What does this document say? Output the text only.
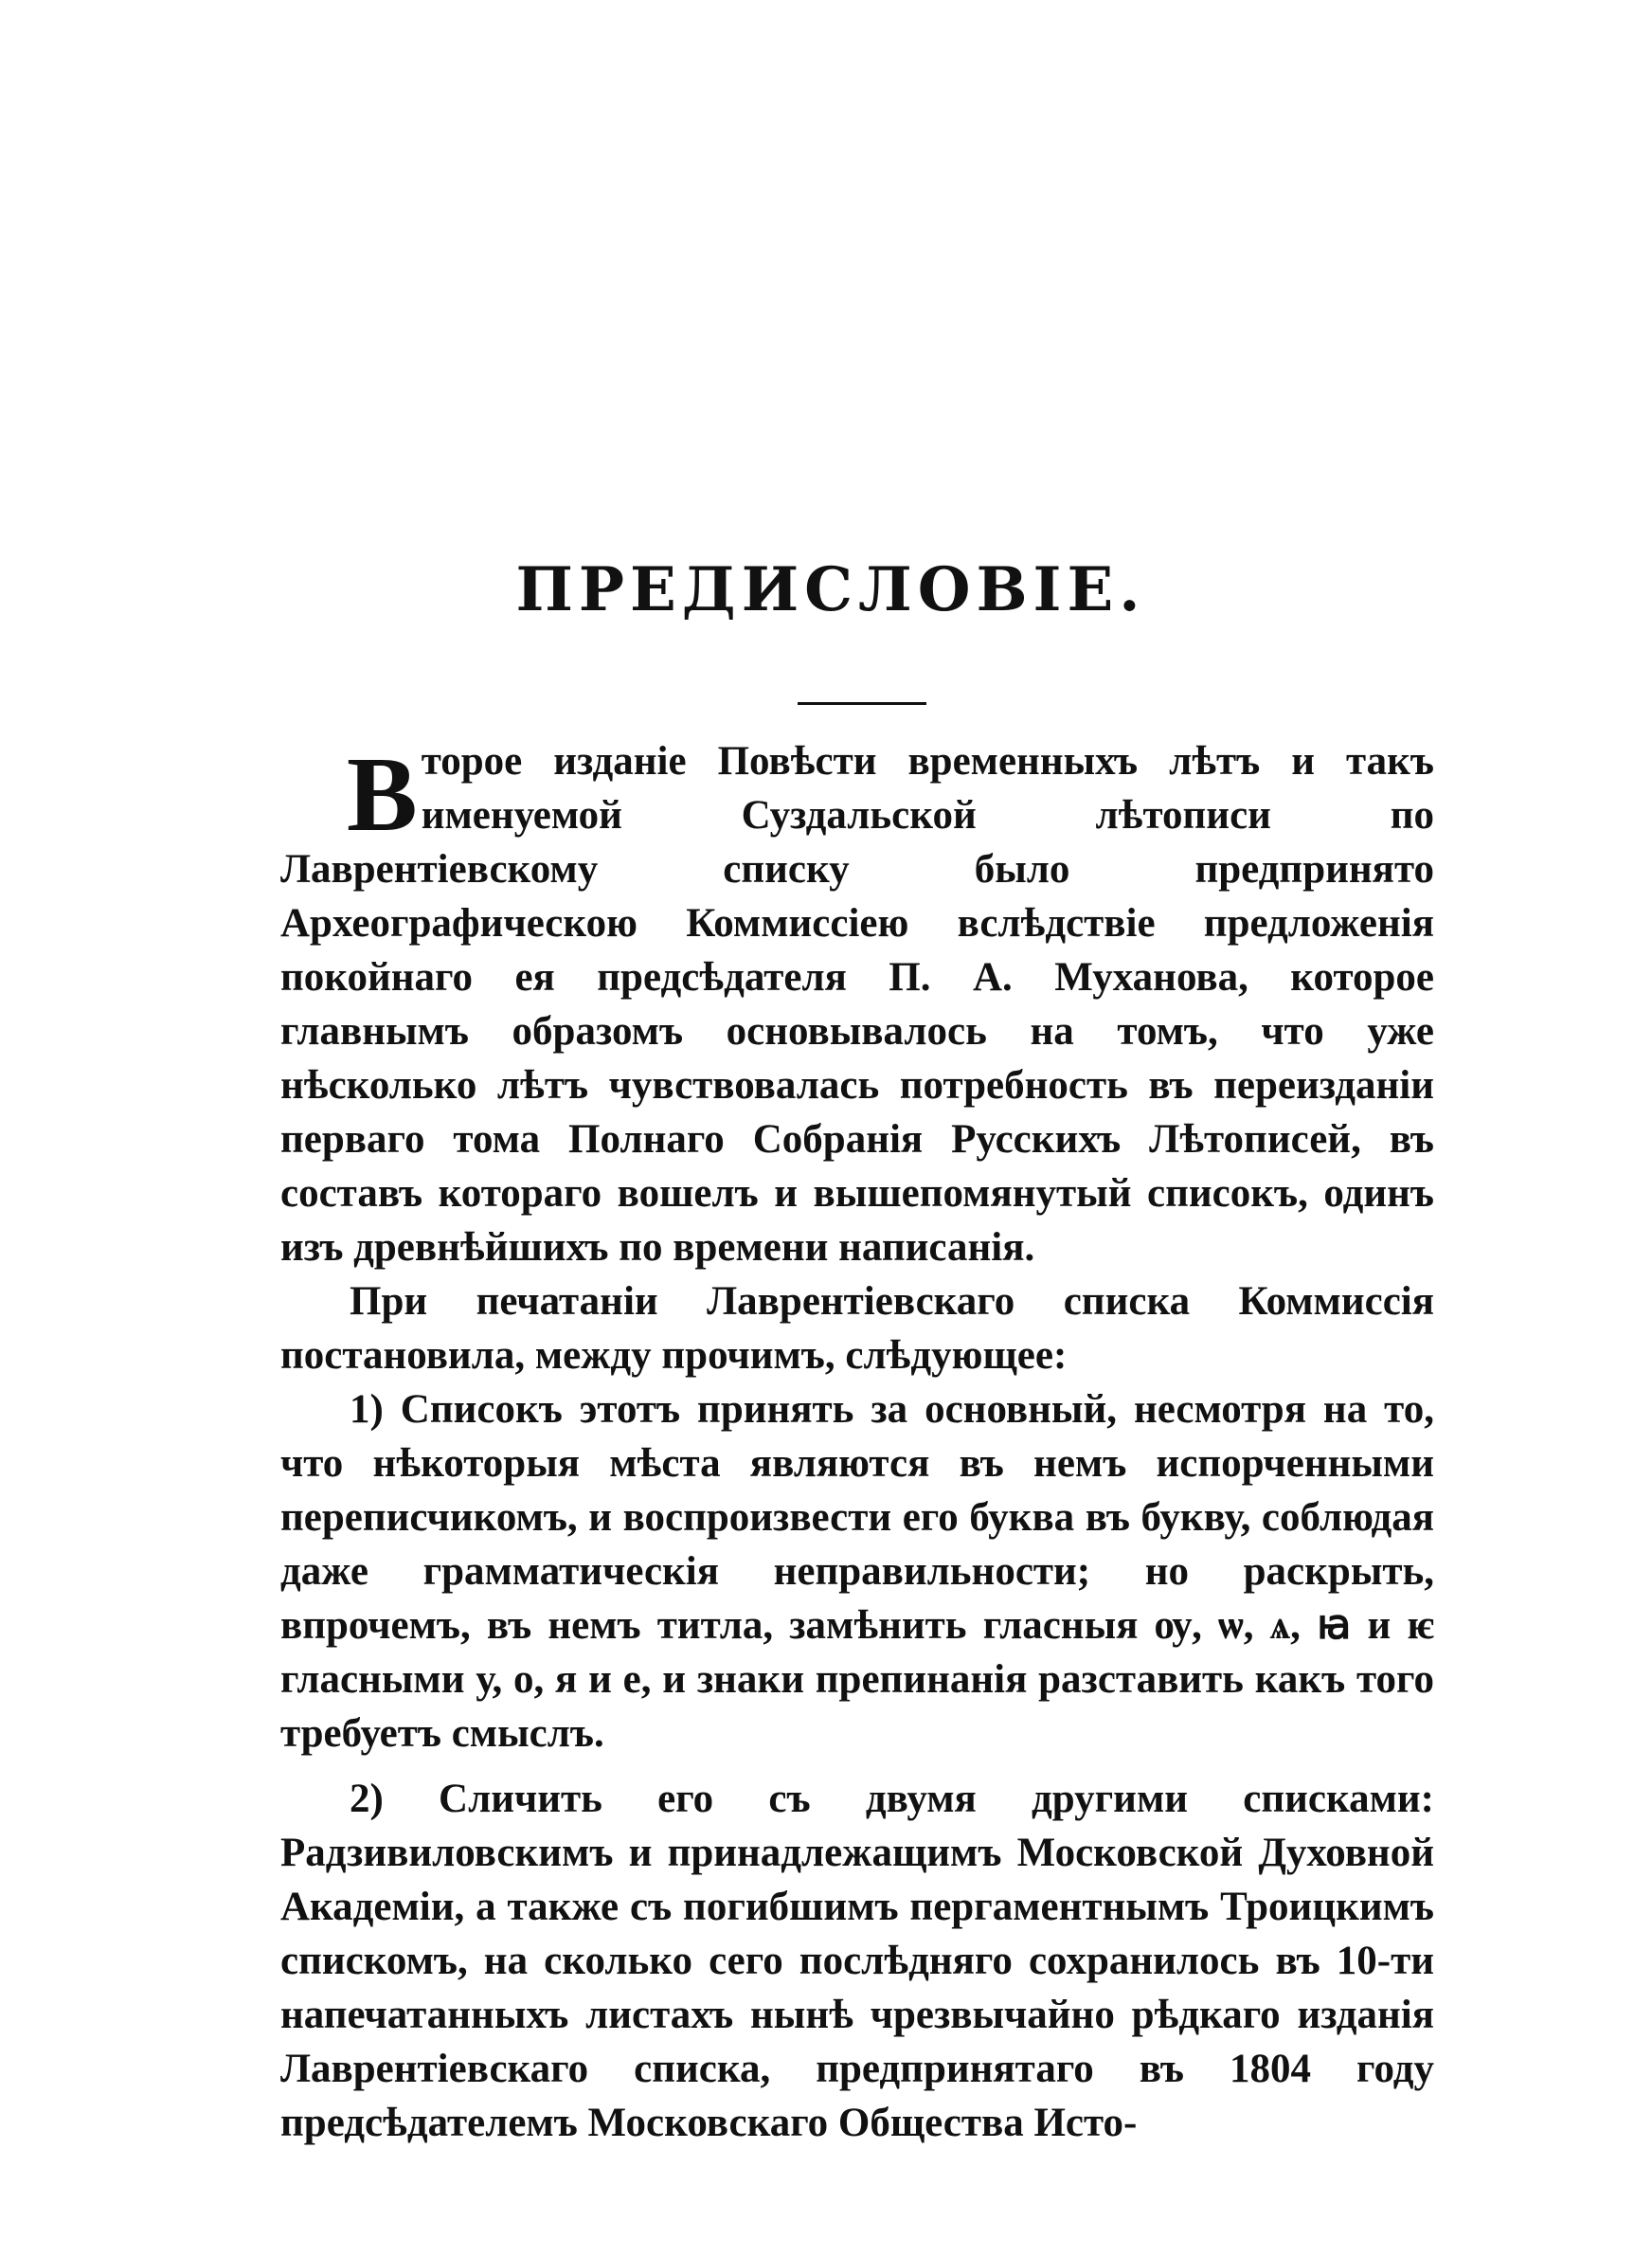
ПРЕДИСЛОВІЕ.

Второе изданіе Повѣсти временныхъ лѣтъ и такъ именуемой Суздальской лѣтописи по Лаврентіевскому списку было предпринято Археографическою Коммиссіею вслѣдствіе предложенія покойнаго ея предсѣдателя П. А. Муханова, которое главнымъ образомъ основывалось на томъ, что уже нѣсколько лѣтъ чувствовалась потребность въ переизданіи перваго тома Полнаго Собранія Русскихъ Лѣтописей, въ составъ котораго вошелъ и вышепомянутый списокъ, одинъ изъ древнѣйшихъ по времени написанія.

При печатаніи Лаврентіевскаго списка Коммиссія постановила, между прочимъ, слѣдующее:

1) Списокъ этотъ принять за основный, несмотря на то, что нѣкоторыя мѣста являются въ немъ испорченными переписчикомъ, и воспроизвести его буква въ букву, соблюдая даже грамматическія неправильности; но раскрыть, впрочемъ, въ немъ титла, замѣнить гласныя ѹ, ѡ, ѧ, ꙗ и ѥ гласными у, о, я и е, и знаки препинанія разставить какъ того требуетъ смыслъ.

2) Сличить его съ двумя другими списками: Радзивиловскимъ и принадлежащимъ Московской Духовной Академіи, а также съ погибшимъ пергаментнымъ Троицкимъ спискомъ, на сколько сего послѣдняго сохранилось въ 10-ти напечатанныхъ листахъ нынѣ чрезвычайно рѣдкаго изданія Лаврентіевскаго списка, предпринятаго въ 1804 году предсѣдателемъ Московскаго Общества Исто-
